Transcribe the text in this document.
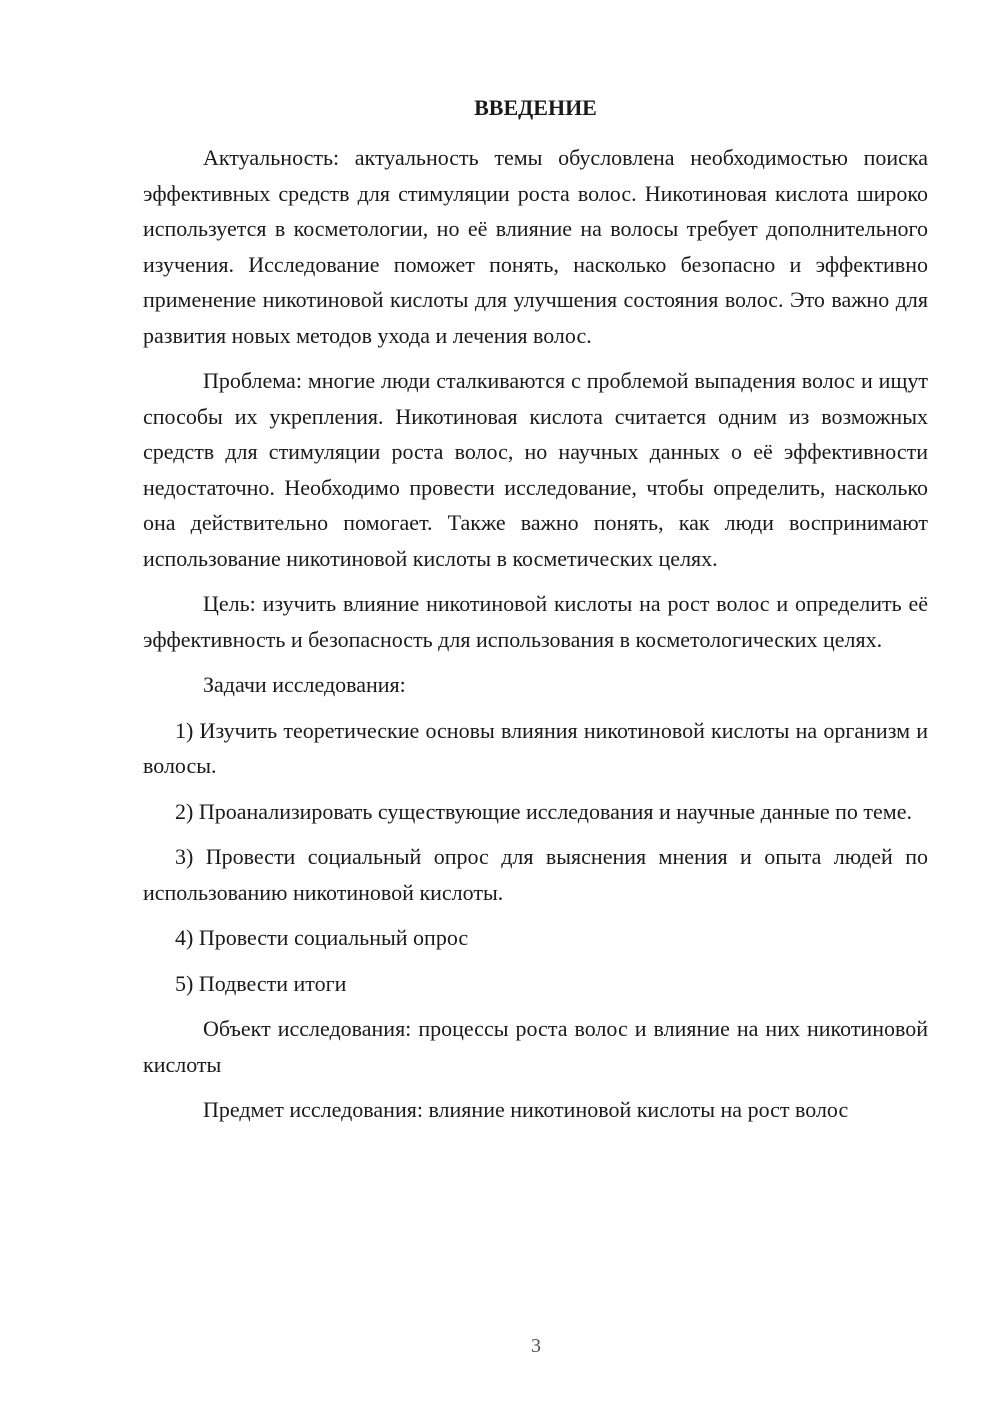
ВВЕДЕНИЕ

Актуальность: актуальность темы обусловлена необходимостью поиска эффективных средств для стимуляции роста волос. Никотиновая кислота широко используется в косметологии, но её влияние на волосы требует дополнительного изучения. Исследование поможет понять, насколько безопасно и эффективно применение никотиновой кислоты для улучшения состояния волос. Это важно для развития новых методов ухода и лечения волос.

Проблема: многие люди сталкиваются с проблемой выпадения волос и ищут способы их укрепления. Никотиновая кислота считается одним из возможных средств для стимуляции роста волос, но научных данных о её эффективности недостаточно. Необходимо провести исследование, чтобы определить, насколько она действительно помогает. Также важно понять, как люди воспринимают использование никотиновой кислоты в косметических целях.

Цель: изучить влияние никотиновой кислоты на рост волос и определить её эффективность и безопасность для использования в косметологических целях.

Задачи исследования:

1) Изучить теоретические основы влияния никотиновой кислоты на организм и волосы.

2) Проанализировать существующие исследования и научные данные по теме.

3) Провести социальный опрос для выяснения мнения и опыта людей по использованию никотиновой кислоты.

4) Провести социальный опрос

5) Подвести итоги

Объект исследования: процессы роста волос и влияние на них никотиновой кислоты

Предмет исследования: влияние никотиновой кислоты на рост волос

3
